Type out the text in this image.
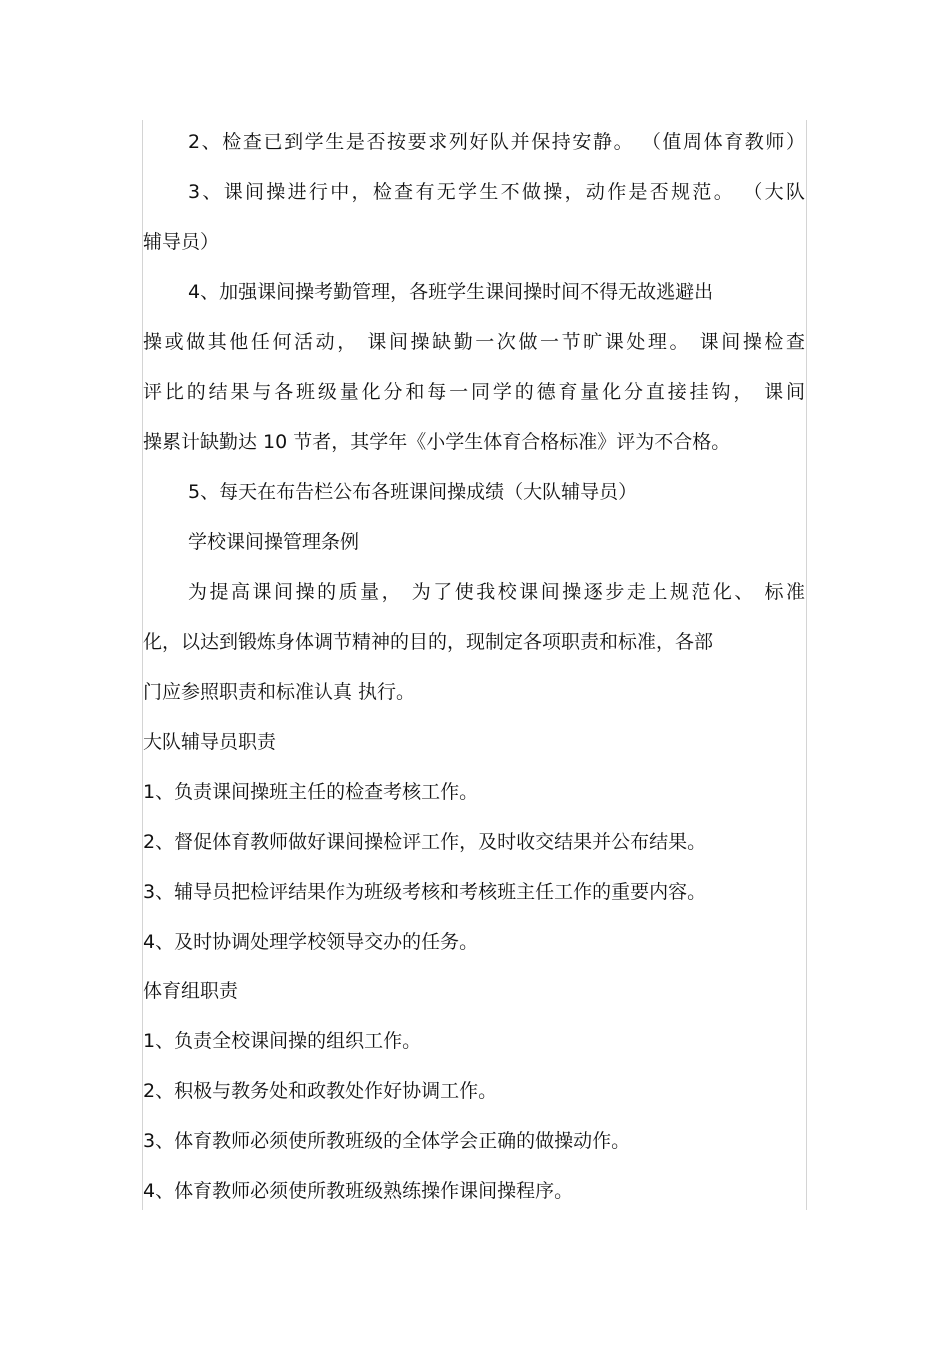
2、检查已到学生是否按要求列好队并保持安静。 （值周体育教师）
3、课间操进行中，检查有无学生不做操，动作是否规范。 （大队
辅导员）
4、加强课间操考勤管理，各班学生课间操时间不得无故逃避出
操或做其他任何活动， 课间操缺勤一次做一节旷课处理。 课间操检查
评比的结果与各班级量化分和每一同学的德育量化分直接挂钩， 课间
操累计缺勤达 10 节者，其学年《小学生体育合格标准》评为不合格。
5、每天在布告栏公布各班课间操成绩（大队辅导员）
学校课间操管理条例
为提高课间操的质量， 为了使我校课间操逐步走上规范化、 标准
化，以达到锻炼身体调节精神的目的，现制定各项职责和标准，各部
门应参照职责和标准认真 执行。
大队辅导员职责
1、负责课间操班主任的检查考核工作。
2、督促体育教师做好课间操检评工作，及时收交结果并公布结果。
3、辅导员把检评结果作为班级考核和考核班主任工作的重要内容。
4、及时协调处理学校领导交办的任务。
体育组职责
1、负责全校课间操的组织工作。
2、积极与教务处和政教处作好协调工作。
3、体育教师必须使所教班级的全体学会正确的做操动作。
4、体育教师必须使所教班级熟练操作课间操程序。
